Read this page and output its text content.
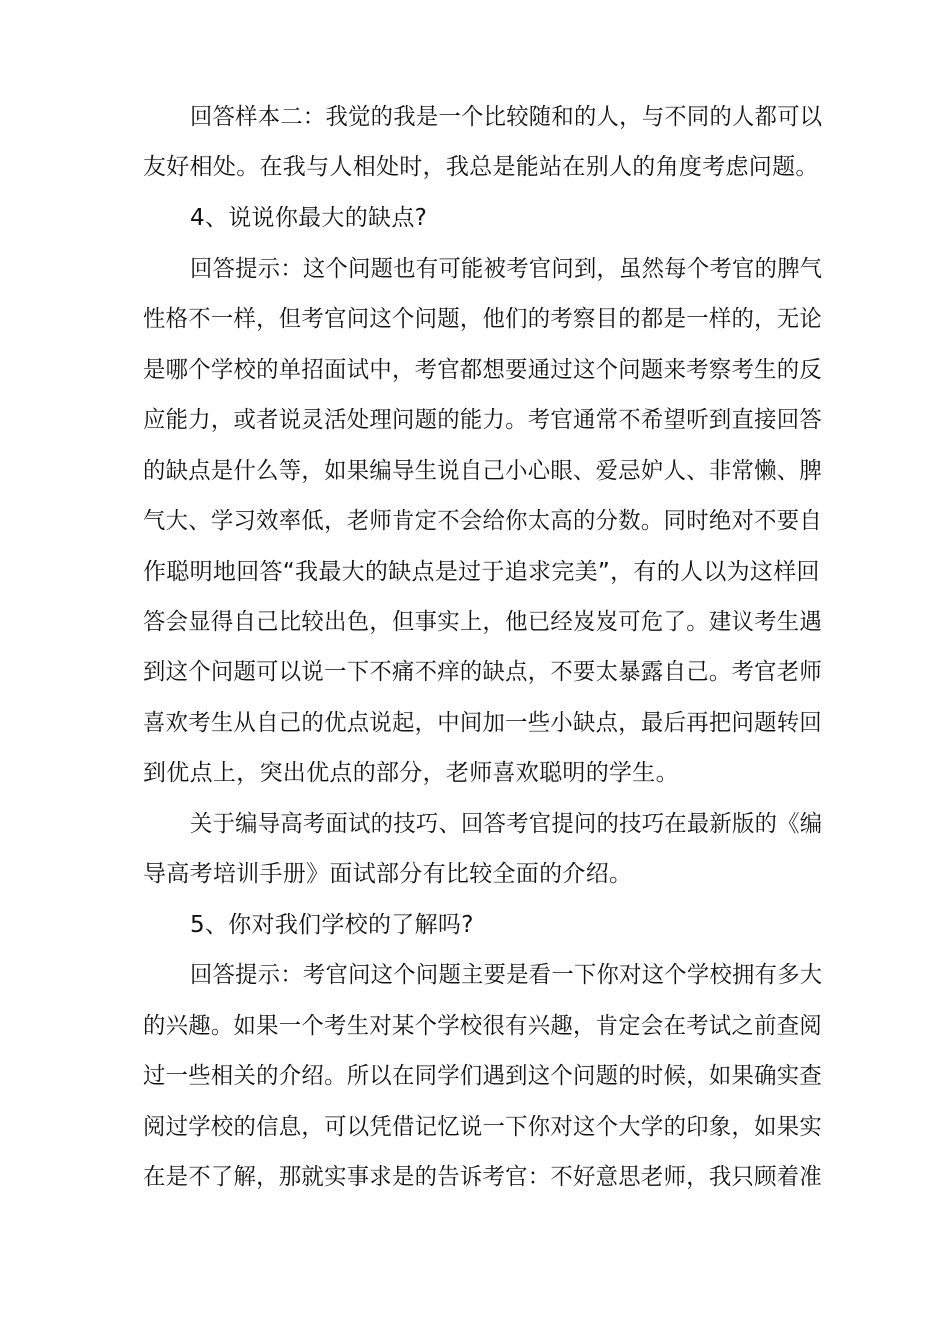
回答样本二：我觉的我是一个比较随和的人，与不同的人都可以
友好相处。在我与人相处时，我总是能站在别人的角度考虑问题。
4、说说你最大的缺点?
回答提示：这个问题也有可能被考官问到，虽然每个考官的脾气
性格不一样，但考官问这个问题，他们的考察目的都是一样的，无论
是哪个学校的单招面试中，考官都想要通过这个问题来考察考生的反
应能力，或者说灵活处理问题的能力。考官通常不希望听到直接回答
的缺点是什么等，如果编导生说自己小心眼、爱忌妒人、非常懒、脾
气大、学习效率低，老师肯定不会给你太高的分数。同时绝对不要自
作聪明地回答“我最大的缺点是过于追求完美”，有的人以为这样回
答会显得自己比较出色，但事实上，他已经岌岌可危了。建议考生遇
到这个问题可以说一下不痛不痒的缺点，不要太暴露自己。考官老师
喜欢考生从自己的优点说起，中间加一些小缺点，最后再把问题转回
到优点上，突出优点的部分，老师喜欢聪明的学生。
关于编导高考面试的技巧、回答考官提问的技巧在最新版的《编
导高考培训手册》面试部分有比较全面的介绍。
5、你对我们学校的了解吗?
回答提示：考官问这个问题主要是看一下你对这个学校拥有多大
的兴趣。如果一个考生对某个学校很有兴趣，肯定会在考试之前查阅
过一些相关的介绍。所以在同学们遇到这个问题的时候，如果确实查
阅过学校的信息，可以凭借记忆说一下你对这个大学的印象，如果实
在是不了解，那就实事求是的告诉考官：不好意思老师，我只顾着准
